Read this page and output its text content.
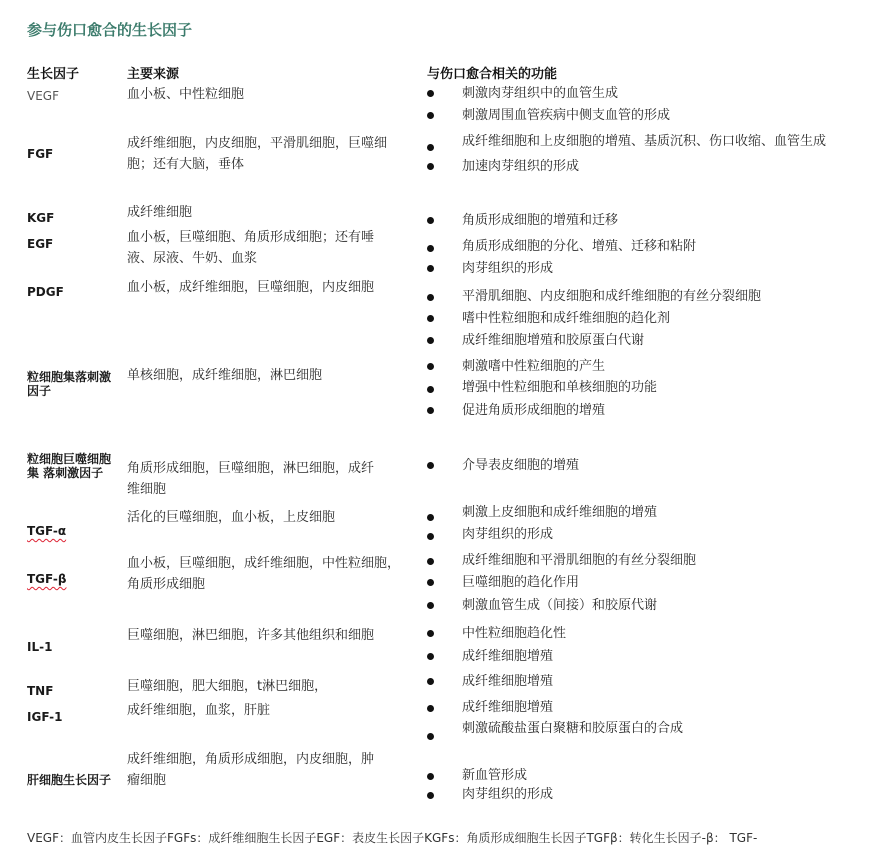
参与伤口愈合的生长因子
生长因子	主要来源	与伤口愈合相关的功能
VEGF
FGF
KGF
EGF
PDGF
粒细胞集落刺激因子
粒细胞巨噬细胞集 落刺激因子
TGF-α
TGF-β
IL-1
TNF
IGF-1
肝细胞生长因子
血小板、中性粒细胞
成纤维细胞，内皮细胞，平滑肌细胞，巨噬细胞；还有大脑，垂体
成纤维细胞
血小板，巨噬细胞、角质形成细胞；还有唾液、尿液、牛奶、血浆
血小板，成纤维细胞，巨噬细胞，内皮细胞
单核细胞，成纤维细胞，淋巴细胞
角质形成细胞，巨噬细胞，淋巴细胞，成纤维细胞
活化的巨噬细胞，血小板，上皮细胞
血小板，巨噬细胞，成纤维细胞，中性粒细胞， 角质形成细胞
巨噬细胞，淋巴细胞，许多其他组织和细胞
巨噬细胞，肥大细胞，t淋巴细胞，
成纤维细胞，血浆，肝脏
成纤维细胞，角质形成细胞，内皮细胞，肿瘤细胞
刺激肉芽组织中的血管生成
刺激周围血管疾病中侧支血管的形成
成纤维细胞和上皮细胞的增殖、基质沉积、伤口收缩、血管生成
加速肉芽组织的形成
角质形成细胞的增殖和迁移
角质形成细胞的分化、增殖、迁移和粘附
肉芽组织的形成
平滑肌细胞、内皮细胞和成纤维细胞的有丝分裂细胞
嗜中性粒细胞和成纤维细胞的趋化剂
成纤维细胞增殖和胶原蛋白代谢
刺激嗜中性粒细胞的产生
增强中性粒细胞和单核细胞的功能
促进角质形成细胞的增殖
介导表皮细胞的增殖
刺激上皮细胞和成纤维细胞的增殖
肉芽组织的形成
成纤维细胞和平滑肌细胞的有丝分裂细胞
巨噬细胞的趋化作用
刺激血管生成（间接）和胶原代谢
中性粒细胞趋化性
成纤维细胞增殖
成纤维细胞增殖
成纤维细胞增殖
刺激硫酸盐蛋白聚糖和胶原蛋白的合成
新血管形成
肉芽组织的形成
VEGF：血管内皮生长因子FGFs：成纤维细胞生长因子EGF：表皮生长因子KGFs：角质形成细胞生长因子TGFβ：转化生长因子-β： TGF-
